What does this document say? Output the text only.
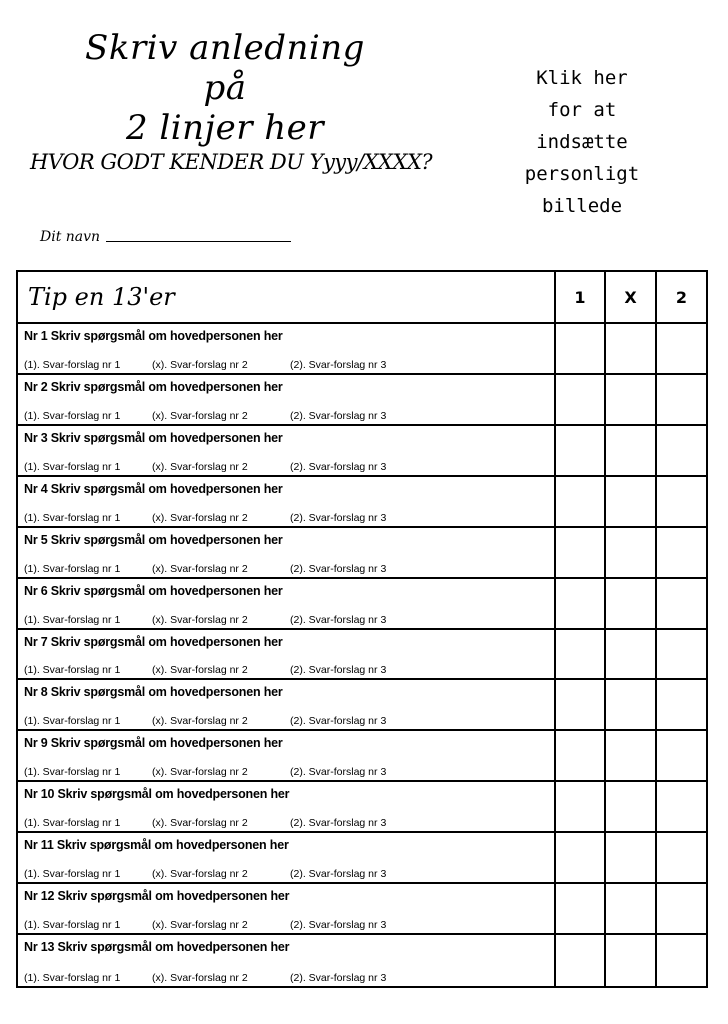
Skriv anledning på
2 linjer her
HVOR GODT KENDER DU Yyyy/XXXX?
Klik her
for at indsætte
personligt
billede
Dit navn
Tip en 13'er	1	X	2
Nr 1 Skriv spørgsmål om hovedpersonen her
(1). Svar-forslag nr 1	(x). Svar-forslag nr 2	(2). Svar-forslag nr 3
Nr 2 Skriv spørgsmål om hovedpersonen her
(1). Svar-forslag nr 1	(x). Svar-forslag nr 2	(2). Svar-forslag nr 3
Nr 3 Skriv spørgsmål om hovedpersonen her
(1). Svar-forslag nr 1	(x). Svar-forslag nr 2	(2). Svar-forslag nr 3
Nr 4 Skriv spørgsmål om hovedpersonen her
(1). Svar-forslag nr 1	(x). Svar-forslag nr 2	(2). Svar-forslag nr 3
Nr 5 Skriv spørgsmål om hovedpersonen her
(1). Svar-forslag nr 1	(x). Svar-forslag nr 2	(2). Svar-forslag nr 3
Nr 6 Skriv spørgsmål om hovedpersonen her
(1). Svar-forslag nr 1	(x). Svar-forslag nr 2	(2). Svar-forslag nr 3
Nr 7 Skriv spørgsmål om hovedpersonen her
(1). Svar-forslag nr 1	(x). Svar-forslag nr 2	(2). Svar-forslag nr 3
Nr 8 Skriv spørgsmål om hovedpersonen her
(1). Svar-forslag nr 1	(x). Svar-forslag nr 2	(2). Svar-forslag nr 3
Nr 9 Skriv spørgsmål om hovedpersonen her
(1). Svar-forslag nr 1	(x). Svar-forslag nr 2	(2). Svar-forslag nr 3
Nr 10 Skriv spørgsmål om hovedpersonen her
(1). Svar-forslag nr 1	(x). Svar-forslag nr 2	(2). Svar-forslag nr 3
Nr 11 Skriv spørgsmål om hovedpersonen her
(1). Svar-forslag nr 1	(x). Svar-forslag nr 2	(2). Svar-forslag nr 3
Nr 12 Skriv spørgsmål om hovedpersonen her
(1). Svar-forslag nr 1	(x). Svar-forslag nr 2	(2). Svar-forslag nr 3
Nr 13 Skriv spørgsmål om hovedpersonen her
(1). Svar-forslag nr 1	(x). Svar-forslag nr 2	(2). Svar-forslag nr 3
